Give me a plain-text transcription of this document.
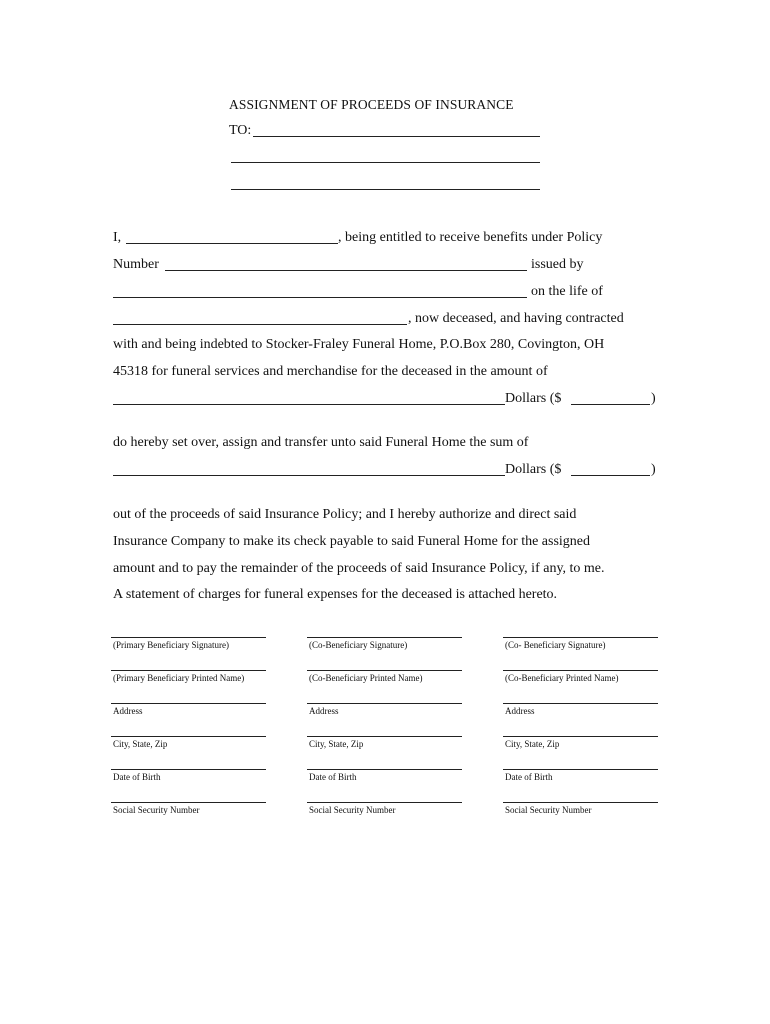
ASSIGNMENT OF PROCEEDS OF INSURANCE
TO:
I,	, being entitled to receive benefits under Policy
Number	issued by
on the life of
, now deceased, and having contracted
with and being indebted to Stocker-Fraley Funeral Home, P.O.Box 280, Covington, OH
45318 for funeral services and merchandise for the deceased in the amount of
Dollars ($	)
do hereby set over, assign and transfer unto said Funeral Home the sum of
Dollars ($	)
out of the proceeds of said Insurance Policy; and I hereby authorize and direct said
Insurance Company to make its check payable to said Funeral Home for the assigned
amount and to pay the remainder of the proceeds of said Insurance Policy, if any, to me.
A statement of charges for funeral expenses for the deceased is attached hereto.
(Primary Beneficiary Signature)
(Primary Beneficiary Printed Name)
Address
City, State, Zip
Date of Birth
Social Security Number
(Co-Beneficiary Signature)
(Co-Beneficiary Printed Name)
Address
City, State, Zip
Date of Birth
Social Security Number
(Co- Beneficiary Signature)
(Co-Beneficiary Printed Name)
Address
City, State, Zip
Date of Birth
Social Security Number
